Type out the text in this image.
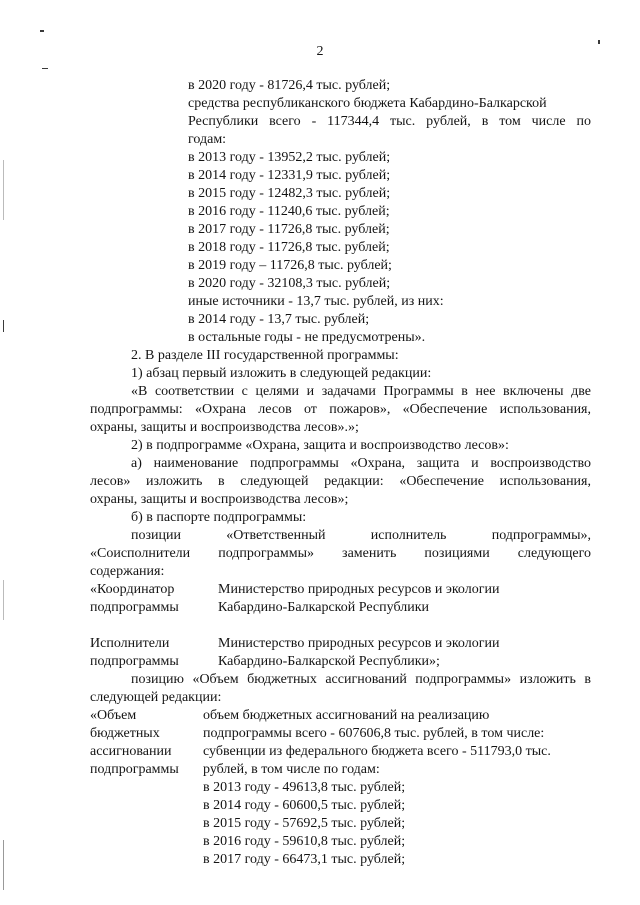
2
в 2020 году - 81726,4 тыс. рублей;
средства республиканского бюджета Кабардино-Балкарской
Республики всего - 117344,4 тыс. рублей, в том числе по
годам:
в 2013 году - 13952,2 тыс. рублей;
в 2014 году - 12331,9 тыс. рублей;
в 2015 году - 12482,3 тыс. рублей;
в 2016 году - 11240,6 тыс. рублей;
в 2017 году - 11726,8 тыс. рублей;
в 2018 году - 11726,8 тыс. рублей;
в 2019 году – 11726,8 тыс. рублей;
в 2020 году - 32108,3 тыс. рублей;
иные источники - 13,7 тыс. рублей, из них:
в 2014 году - 13,7 тыс. рублей;
в остальные годы - не предусмотрены».
2. В разделе III государственной программы:
1) абзац первый изложить в следующей редакции:
«В соответствии с целями и задачами Программы в нее включены две
подпрограммы: «Охрана лесов от пожаров», «Обеспечение использования,
охраны, защиты и воспроизводства лесов».»;
2) в подпрограмме «Охрана, защита и воспроизводство лесов»:
а) наименование подпрограммы «Охрана, защита и воспроизводство
лесов» изложить в следующей редакции: «Обеспечение использования,
охраны, защиты и воспроизводства лесов»;
б) в паспорте подпрограммы:
позиции «Ответственный исполнитель подпрограммы»,
«Соисполнители подпрограммы» заменить позициями следующего
содержания:
«Координатор
подпрограммы
Министерство природных ресурсов и экологии
Кабардино-Балкарской Республики
Исполнители
подпрограммы
Министерство природных ресурсов и экологии
Кабардино-Балкарской Республики»;
позицию «Объем бюджетных ассигнований подпрограммы» изложить в
следующей редакции:
«Объем
бюджетных
ассигновании
подпрограммы
объем бюджетных ассигнований на реализацию
подпрограммы всего - 607606,8 тыс. рублей, в том числе:
субвенции из федерального бюджета всего - 511793,0 тыс.
рублей, в том числе по годам:
в 2013 году - 49613,8 тыс. рублей;
в 2014 году - 60600,5 тыс. рублей;
в 2015 году - 57692,5 тыс. рублей;
в 2016 году - 59610,8 тыс. рублей;
в 2017 году - 66473,1 тыс. рублей;
